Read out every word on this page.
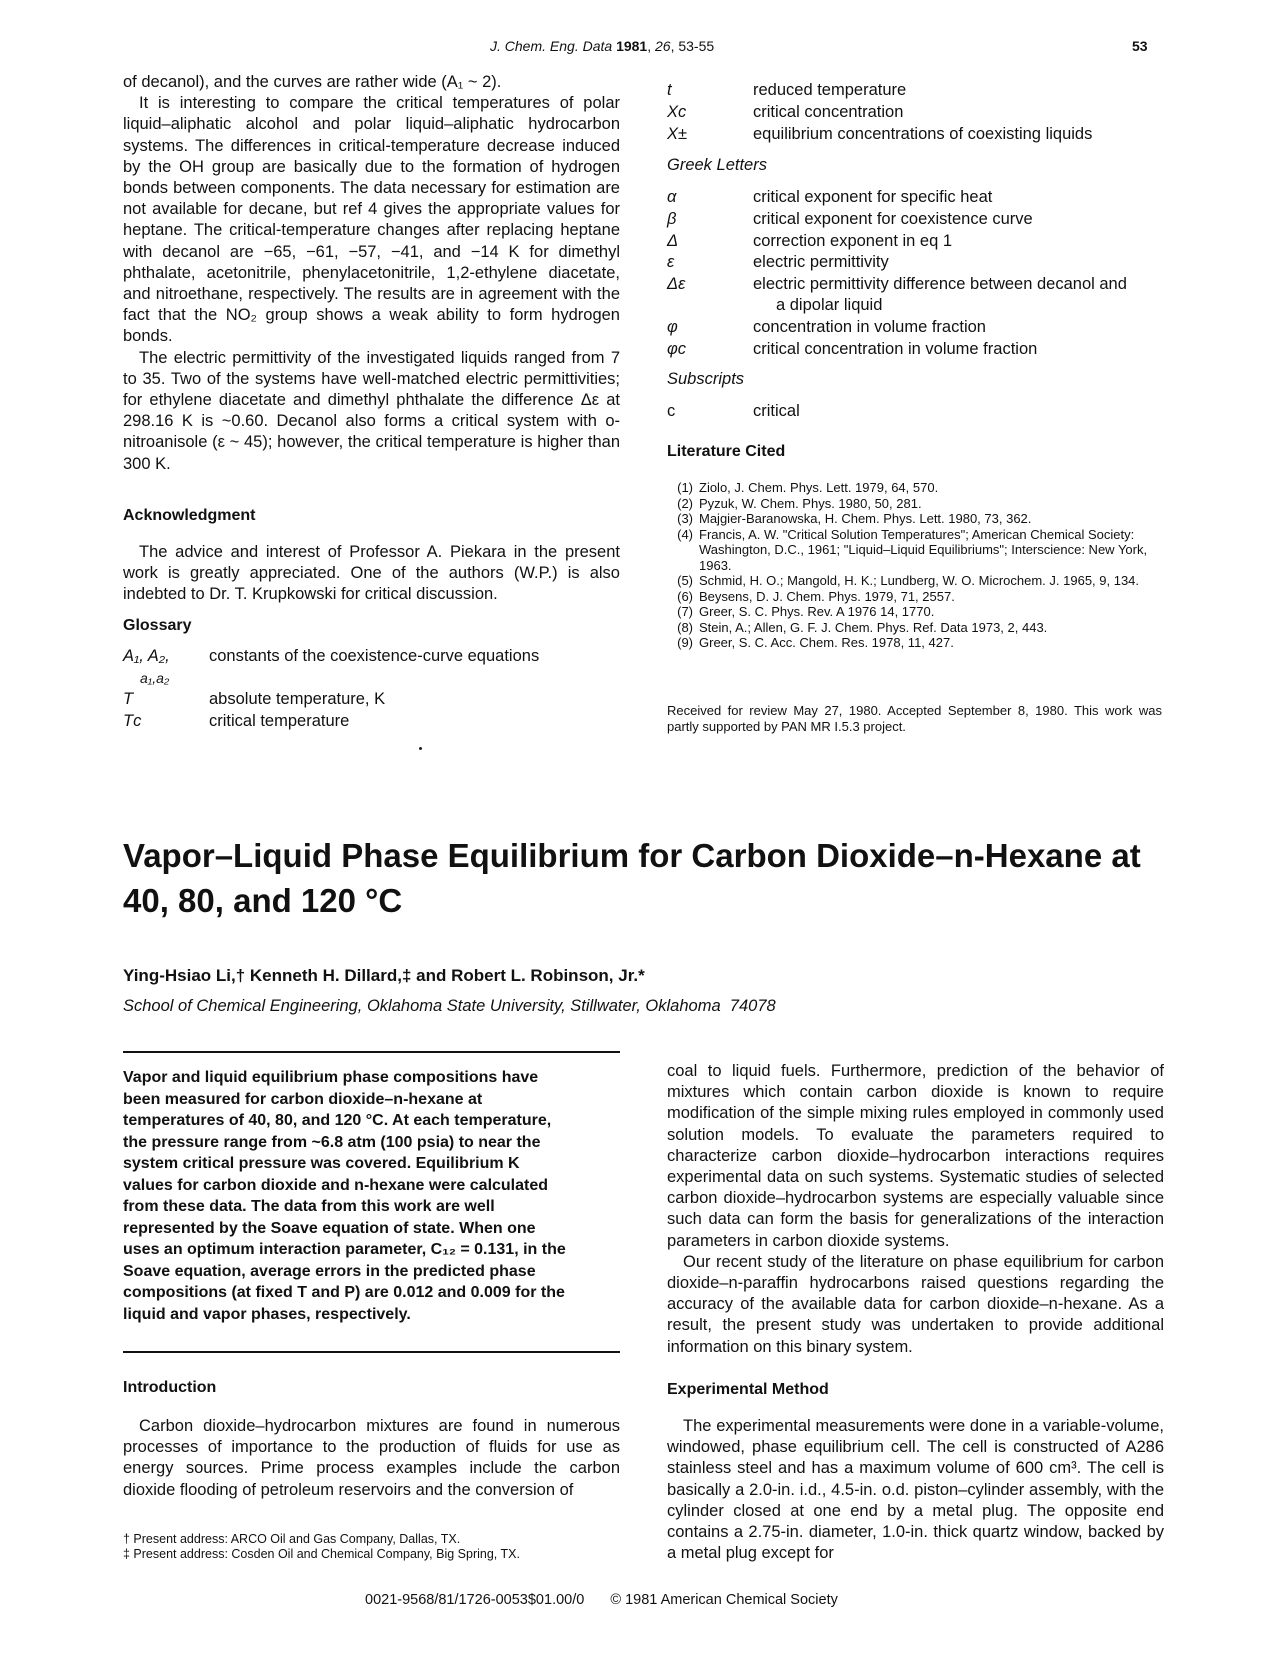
J. Chem. Eng. Data 1981, 26, 53-55	53

of decanol), and the curves are rather wide (A₁ ~ 2).

It is interesting to compare the critical temperatures of polar liquid–aliphatic alcohol and polar liquid–aliphatic hydrocarbon systems. The differences in critical-temperature decrease induced by the OH group are basically due to the formation of hydrogen bonds between components. The data necessary for estimation are not available for decane, but ref 4 gives the appropriate values for heptane. The critical-temperature changes after replacing heptane with decanol are −65, −61, −57, −41, and −14 K for dimethyl phthalate, acetonitrile, phenylacetonitrile, 1,2-ethylene diacetate, and nitroethane, respectively. The results are in agreement with the fact that the NO₂ group shows a weak ability to form hydrogen bonds.

The electric permittivity of the investigated liquids ranged from 7 to 35. Two of the systems have well-matched electric permittivities; for ethylene diacetate and dimethyl phthalate the difference Δε at 298.16 K is ~0.60. Decanol also forms a critical system with o-nitroanisole (ε ~ 45); however, the critical temperature is higher than 300 K.

Acknowledgment

The advice and interest of Professor A. Piekara in the present work is greatly appreciated. One of the authors (W.P.) is also indebted to Dr. T. Krupkowski for critical discussion.

Glossary
A₁, A₂, constants of the coexistence-curve equations
a₁,a₂
T	absolute temperature, K
Tᴄ	critical temperature
t	reduced temperature
Xᴄ	critical concentration
X±	equilibrium concentrations of coexisting liquids
Greek Letters
α	critical exponent for specific heat
β	critical exponent for coexistence curve
Δ	correction exponent in eq 1
ε	electric permittivity
Δε	electric permittivity difference between decanol and
a dipolar liquid
φ	concentration in volume fraction
φᴄ	critical concentration in volume fraction
Subscripts
c	critical
Literature Cited
(1) Ziolo, J. Chem. Phys. Lett. 1979, 64, 570.
(2) Pyzuk, W. Chem. Phys. 1980, 50, 281.
(3) Majgier-Baranowska, H. Chem. Phys. Lett. 1980, 73, 362.
(4) Francis, A. W. "Critical Solution Temperatures"; American Chemical Society: Washington, D.C., 1961; "Liquid–Liquid Equilibriums"; Interscience: New York, 1963.
(5) Schmid, H. O.; Mangold, H. K.; Lundberg, W. O. Microchem. J. 1965, 9, 134.
(6) Beysens, D. J. Chem. Phys. 1979, 71, 2557.
(7) Greer, S. C. Phys. Rev. A 1976 14, 1770.
(8) Stein, A.; Allen, G. F. J. Chem. Phys. Ref. Data 1973, 2, 443.
(9) Greer, S. C. Acc. Chem. Res. 1978, 11, 427.
Received for review May 27, 1980. Accepted September 8, 1980. This work was partly supported by PAN MR I.5.3 project.
Vapor–Liquid Phase Equilibrium for Carbon Dioxide–n-Hexane at 40, 80, and 120 °C
Ying-Hsiao Li,† Kenneth H. Dillard,‡ and Robert L. Robinson, Jr.*
School of Chemical Engineering, Oklahoma State University, Stillwater, Oklahoma  74078
Vapor and liquid equilibrium phase compositions have been measured for carbon dioxide–n-hexane at temperatures of 40, 80, and 120 °C. At each temperature, the pressure range from ~6.8 atm (100 psia) to near the system critical pressure was covered. Equilibrium K values for carbon dioxide and n-hexane were calculated from these data. The data from this work are well represented by the Soave equation of state. When one uses an optimum interaction parameter, C₁₂ = 0.131, in the Soave equation, average errors in the predicted phase compositions (at fixed T and P) are 0.012 and 0.009 for the liquid and vapor phases, respectively.
Introduction

Carbon dioxide–hydrocarbon mixtures are found in numerous processes of importance to the production of fluids for use as energy sources. Prime process examples include the carbon dioxide flooding of petroleum reservoirs and the conversion of

† Present address: ARCO Oil and Gas Company, Dallas, TX.
‡ Present address: Cosden Oil and Chemical Company, Big Spring, TX.

coal to liquid fuels. Furthermore, prediction of the behavior of mixtures which contain carbon dioxide is known to require modification of the simple mixing rules employed in commonly used solution models. To evaluate the parameters required to characterize carbon dioxide–hydrocarbon interactions requires experimental data on such systems. Systematic studies of selected carbon dioxide–hydrocarbon systems are especially valuable since such data can form the basis for generalizations of the interaction parameters in carbon dioxide systems.

Our recent study of the literature on phase equilibrium for carbon dioxide–n-paraffin hydrocarbons raised questions regarding the accuracy of the available data for carbon dioxide–n-hexane. As a result, the present study was undertaken to provide additional information on this binary system.

Experimental Method

The experimental measurements were done in a variable-volume, windowed, phase equilibrium cell. The cell is constructed of A286 stainless steel and has a maximum volume of 600 cm³. The cell is basically a 2.0-in. i.d., 4.5-in. o.d. piston–cylinder assembly, with the cylinder closed at one end by a metal plug. The opposite end contains a 2.75-in. diameter, 1.0-in. thick quartz window, backed by a metal plug except for

0021-9568/81/1726-0053$01.00/0 © 1981 American Chemical Society
